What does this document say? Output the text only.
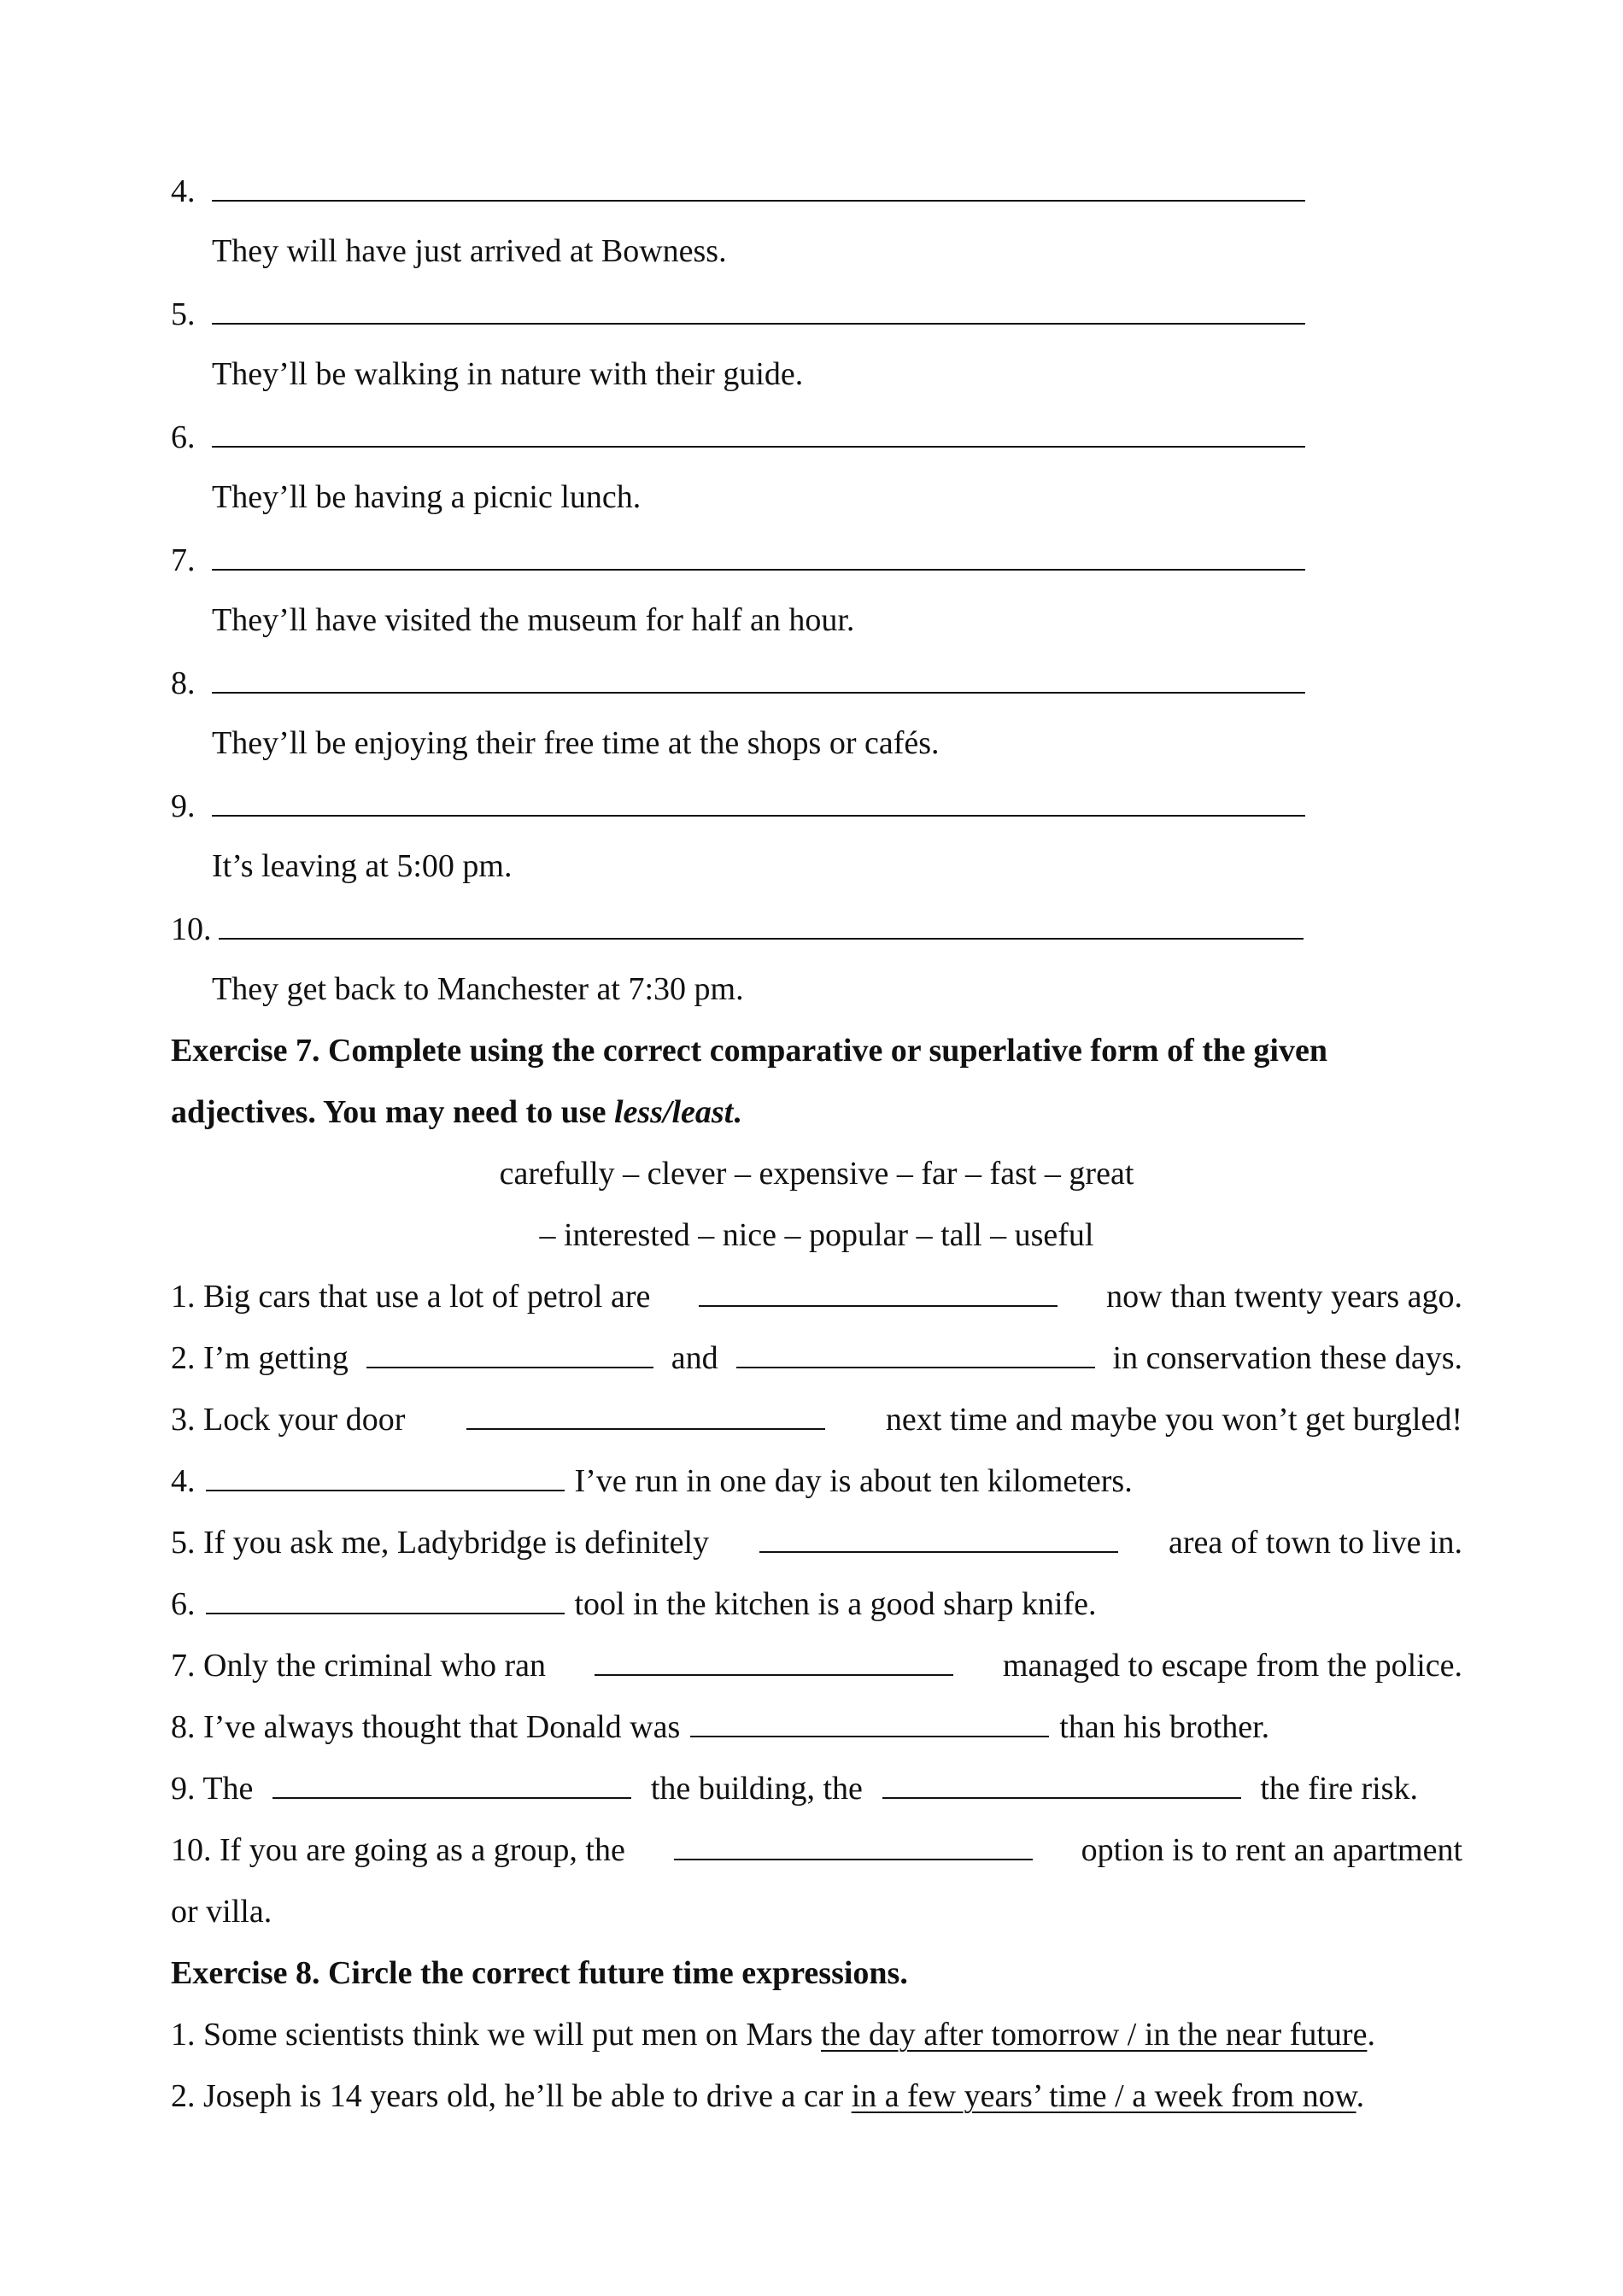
4.
They will have just arrived at Bowness.
5.
They’ll be walking in nature with their guide.
6.
They’ll be having a picnic lunch.
7.
They’ll have visited the museum for half an hour.
8.
They’ll be enjoying their free time at the shops or cafés.
9.
It’s leaving at 5:00 pm.
10.
They get back to Manchester at 7:30 pm.
Exercise 7. Complete using the correct comparative or superlative form of the given
adjectives. You may need to use less/least.
carefully – clever – expensive – far – fast – great
– interested – nice – popular – tall – useful
1. Big cars that use a lot of petrol are	now than twenty years ago.
2. I’m getting	and	in conservation these days.
3. Lock your door	next time and maybe you won’t get burgled!
4.	I’ve run in one day is about ten kilometers.
5. If you ask me, Ladybridge is definitely	area of town to live in.
6.	tool in the kitchen is a good sharp knife.
7. Only the criminal who ran	managed to escape from the police.
8. I’ve always thought that Donald was	than his brother.
9. The	the building, the	the fire risk.
10. If you are going as a group, the	option is to rent an apartment
or villa.
Exercise 8. Circle the correct future time expressions.
1. Some scientists think we will put men on Mars the day after tomorrow / in the near future.
2. Joseph is 14 years old, he’ll be able to drive a car in a few years’ time / a week from now.
